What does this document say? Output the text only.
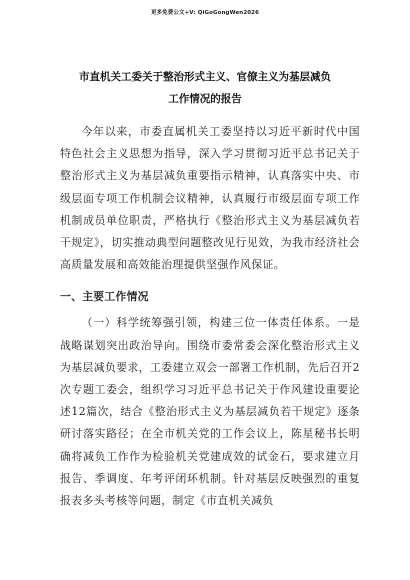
更多免费公文+V: QiGoGongWen2026
市直机关工委关于整治形式主义、官僚主义为基层减负
工作情况的报告

今年以来，市委直属机关工委坚持以习近平新时代中国特色社会主义思想为指导，深入学习贯彻习近平总书记关于整治形式主义为基层减负重要指示精神，认真落实中央、市级层面专项工作机制会议精神，认真履行市级层面专项工作机制成员单位职责，严格执行《整治形式主义为基层减负若干规定》，切实推动典型问题整改见行见效，为我市经济社会高质量发展和高效能治理提供坚强作风保证。

一、主要工作情况

（一）科学统筹强引领，构建三位一体责任体系。一是战略谋划突出政治导向。围绕市委常委会深化整治形式主义为基层减负要求，工委建立双会一部署工作机制，先后召开2次专题工委会，组织学习习近平总书记关于作风建设重要论述12篇次，结合《整治形式主义为基层减负若干规定》逐条研讨落实路径；在全市机关党的工作会议上，陈星秘书长明确将减负工作作为检验机关党建成效的试金石，要求建立月报告、季调度、年考评闭环机制。针对基层反映强烈的重复报表多头考核等问题，制定《市直机关减负
